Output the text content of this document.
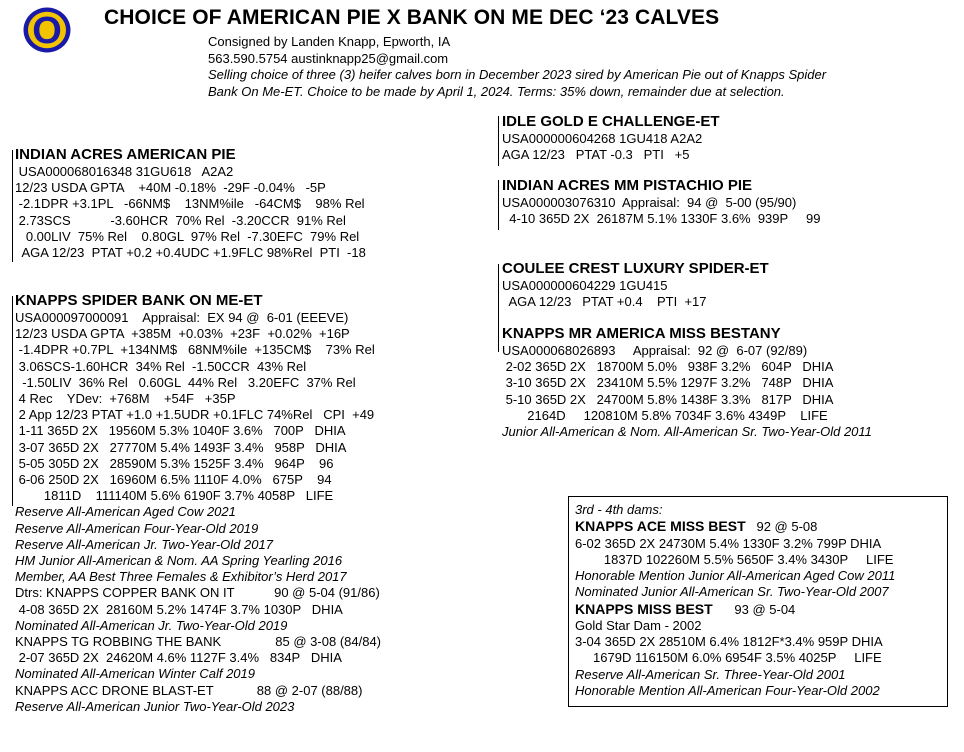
O CHOICE OF AMERICAN PIE X BANK ON ME DEC ‘23 CALVES
Consigned by Landen Knapp, Epworth, IA
563.590.5754 austinknapp25@gmail.com
Selling choice of three (3) heifer calves born in December 2023 sired by American Pie out of Knapps Spider
Bank On Me-ET. Choice to be made by April 1, 2024. Terms: 35% down, remainder due at selection.
INDIAN ACRES AMERICAN PIE
USA000068016348 31GU618   A2A2
12/23 USDA GPTA    +40M -0.18%  -29F -0.04%   -5P
-2.1DPR +3.1PL   -66NM$    13NM%ile   -64CM$    98% Rel
2.73SCS           -3.60HCR  70% Rel  -3.20CCR  91% Rel
0.00LIV  75% Rel    0.80GL  97% Rel  -7.30EFC  79% Rel
AGA 12/23  PTAT +0.2 +0.4UDC +1.9FLC 98%Rel  PTI  -18
KNAPPS SPIDER BANK ON ME-ET
USA000097000091    Appraisal:  EX 94 @  6-01 (EEEVE)
12/23 USDA GPTA  +385M  +0.03%  +23F  +0.02%  +16P
-1.4DPR +0.7PL  +134NM$   68NM%ile  +135CM$    73% Rel
3.06SCS-1.60HCR  34% Rel  -1.50CCR  43% Rel
-1.50LIV  36% Rel   0.60GL  44% Rel   3.20EFC  37% Rel
4 Rec    YDev:  +768M    +54F   +35P
2 App 12/23 PTAT +1.0 +1.5UDR +0.1FLC 74%Rel   CPI  +49
1-11 365D 2X   19560M 5.3% 1040F 3.6%   700P   DHIA
3-07 365D 2X   27770M 5.4% 1493F 3.4%   958P   DHIA
5-05 305D 2X   28590M 5.3% 1525F 3.4%   964P    96
6-06 250D 2X   16960M 6.5% 1110F 4.0%   675P    94
1811D    111140M 5.6% 6190F 3.7% 4058P   LIFE
Reserve All-American Aged Cow 2021
Reserve All-American Four-Year-Old 2019
Reserve All-American Jr. Two-Year-Old 2017
HM Junior All-American & Nom. AA Spring Yearling 2016
Member, AA Best Three Females & Exhibitor’s Herd 2017
Dtrs: KNAPPS COPPER BANK ON IT           90 @ 5-04 (91/86)
4-08 365D 2X  28160M 5.2% 1474F 3.7% 1030P   DHIA
Nominated All-American Jr. Two-Year-Old 2019
KNAPPS TG ROBBING THE BANK               85 @ 3-08 (84/84)
2-07 365D 2X  24620M 4.6% 1127F 3.4%   834P   DHIA
Nominated All-American Winter Calf 2019
KNAPPS ACC DRONE BLAST-ET            88 @ 2-07 (88/88)
Reserve All-American Junior Two-Year-Old 2023
IDLE GOLD E CHALLENGE-ET
USA000000604268 1GU418 A2A2
AGA 12/23   PTAT -0.3   PTI   +5
INDIAN ACRES MM PISTACHIO PIE
USA000003076310  Appraisal:  94 @  5-00 (95/90)
4-10 365D 2X  26187M 5.1% 1330F 3.6%  939P     99
COULEE CREST LUXURY SPIDER-ET
USA000000604229 1GU415
AGA 12/23   PTAT +0.4    PTI  +17
KNAPPS MR AMERICA MISS BESTANY
USA000068026893     Appraisal:  92 @  6-07 (92/89)
2-02 365D 2X   18700M 5.0%   938F 3.2%   604P   DHIA
3-10 365D 2X   23410M 5.5% 1297F 3.2%   748P   DHIA
5-10 365D 2X   24700M 5.8% 1438F 3.3%   817P   DHIA
2164D     120810M 5.8% 7034F 3.6% 4349P    LIFE
Junior All-American & Nom. All-American Sr. Two-Year-Old 2011
3rd - 4th dams:
KNAPPS ACE MISS BEST   92 @ 5-08
6-02 365D 2X 24730M 5.4% 1330F 3.2% 799P DHIA
1837D 102260M 5.5% 5650F 3.4% 3430P     LIFE
Honorable Mention Junior All-American Aged Cow 2011
Nominated Junior All-American Sr. Two-Year-Old 2007
KNAPPS MISS BEST      93 @ 5-04
Gold Star Dam - 2002
3-04 365D 2X 28510M 6.4% 1812F*3.4% 959P DHIA
1679D 116150M 6.0% 6954F 3.5% 4025P     LIFE
Reserve All-American Sr. Three-Year-Old 2001
Honorable Mention All-American Four-Year-Old 2002
